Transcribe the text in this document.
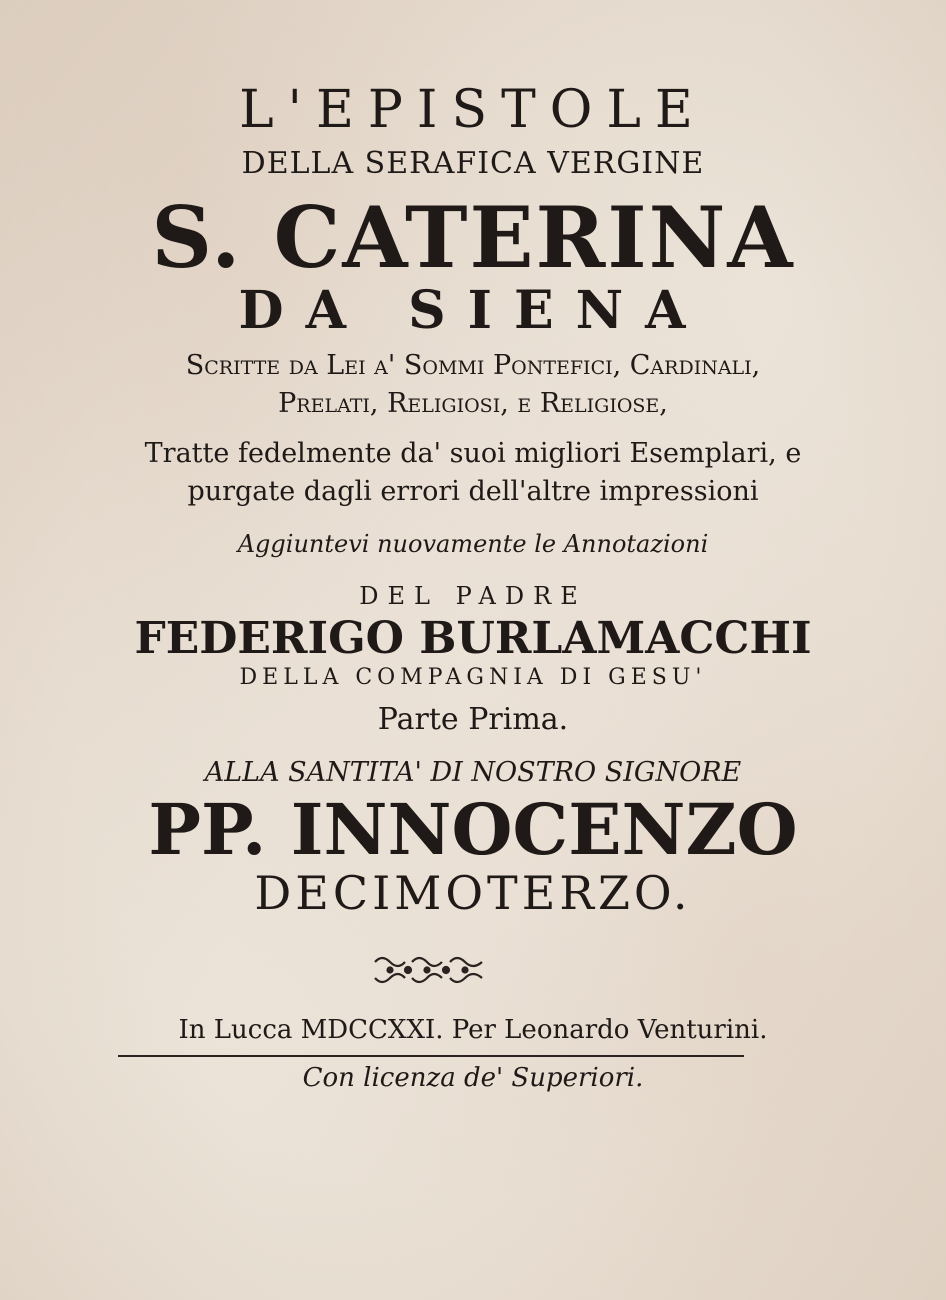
L'EPISTOLE
DELLA SERAFICA VERGINE
S. CATERINA
DA SIENA
Scritte da Lei a' Sommi Pontefici, Cardinali,
Prelati, Religiosi, e Religiose,
Tratte fedelmente da' suoi migliori Esemplari, e
purgate dagli errori dell'altre impressioni
Aggiuntevi nuovamente le Annotazioni
DEL PADRE
FEDERIGO BURLAMACCHI
DELLA COMPAGNIA DI GESU'
Parte Prima.
ALLA SANTITA' DI NOSTRO SIGNORE
PP. INNOCENZO
DECIMOTERZO.
In Lucca MDCCXXI. Per Leonardo Venturini.
Con licenza de' Superiori.
